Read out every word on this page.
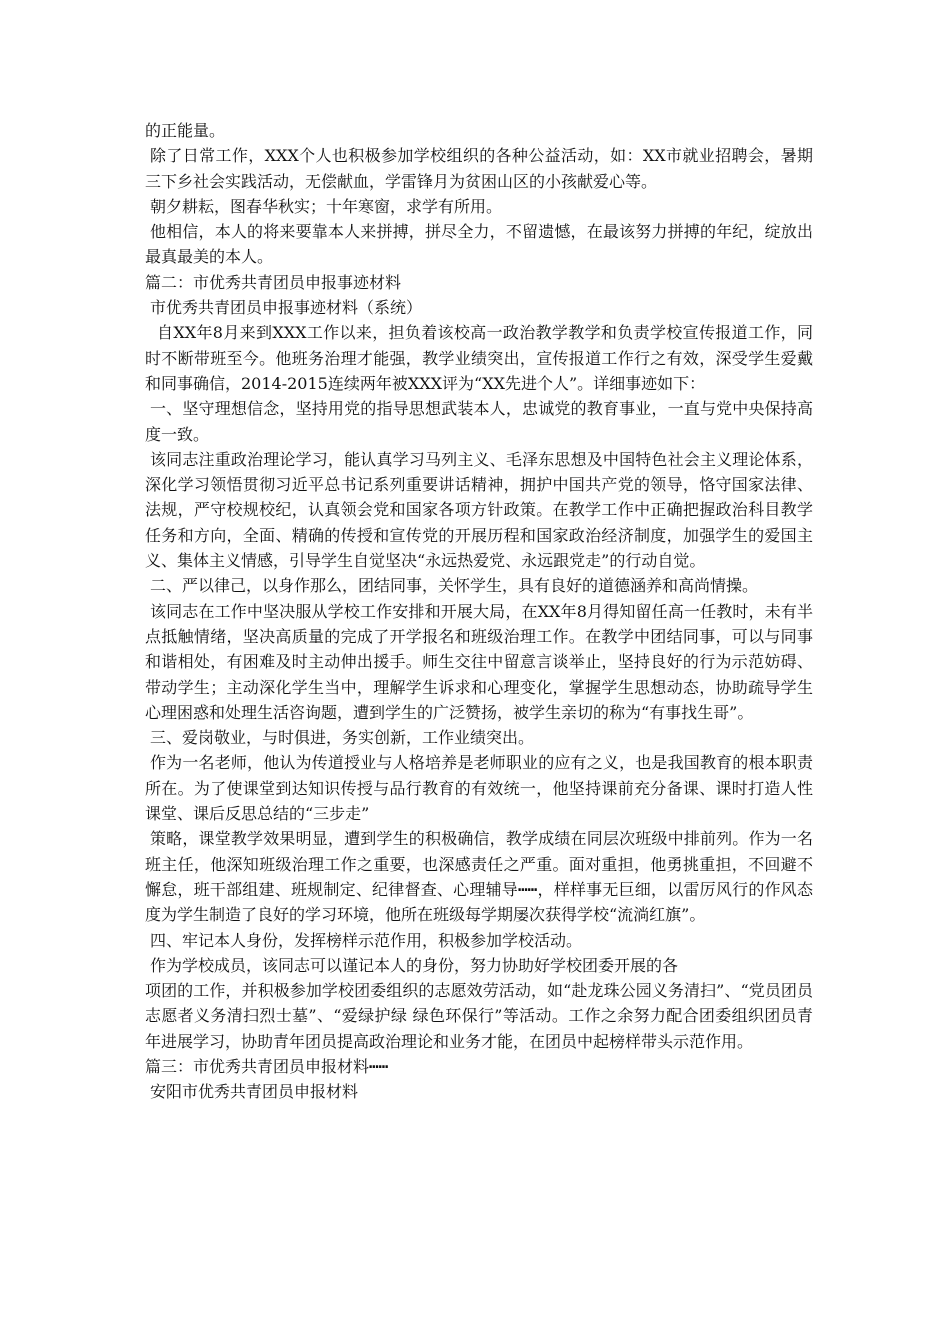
的正能量。

除了日常工作，XXX个人也积极参加学校组织的各种公益活动，如：XX市就业招聘会，暑期三下乡社会实践活动，无偿献血，学雷锋月为贫困山区的小孩献爱心等。

朝夕耕耘，图春华秋实；十年寒窗，求学有所用。

他相信，本人的将来要靠本人来拼搏，拼尽全力，不留遗憾，在最该努力拼搏的年纪，绽放出最真最美的本人。

篇二：市优秀共青团员申报事迹材料

市优秀共青团员申报事迹材料（系统）

自XX年8月来到XXX工作以来，担负着该校高一政治教学教学和负责学校宣传报道工作，同时不断带班至今。他班务治理才能强，教学业绩突出，宣传报道工作行之有效，深受学生爱戴和同事确信，2014-2015连续两年被XXX评为“XX先进个人”。详细事迹如下：

一、坚守理想信念，坚持用党的指导思想武装本人，忠诚党的教育事业，一直与党中央保持高度一致。

该同志注重政治理论学习，能认真学习马列主义、毛泽东思想及中国特色社会主义理论体系，深化学习领悟贯彻习近平总书记系列重要讲话精神，拥护中国共产党的领导，恪守国家法律、法规，严守校规校纪，认真领会党和国家各项方针政策。在教学工作中正确把握政治科目教学任务和方向，全面、精确的传授和宣传党的开展历程和国家政治经济制度，加强学生的爱国主义、集体主义情感，引导学生自觉坚决“永远热爱党、永远跟党走”的行动自觉。

二、严以律己，以身作那么，团结同事，关怀学生，具有良好的道德涵养和高尚情操。

该同志在工作中坚决服从学校工作安排和开展大局，在XX年8月得知留任高一任教时，未有半点抵触情绪，坚决高质量的完成了开学报名和班级治理工作。在教学中团结同事，可以与同事和谐相处，有困难及时主动伸出援手。师生交往中留意言谈举止，坚持良好的行为示范妨碍、带动学生；主动深化学生当中，理解学生诉求和心理变化，掌握学生思想动态，协助疏导学生心理困惑和处理生活咨询题，遭到学生的广泛赞扬，被学生亲切的称为“有事找生哥”。

三、爱岗敬业，与时俱进，务实创新，工作业绩突出。

作为一名老师，他认为传道授业与人格培养是老师职业的应有之义，也是我国教育的根本职责所在。为了使课堂到达知识传授与品行教育的有效统一，他坚持课前充分备课、课时打造人性课堂、课后反思总结的“三步走”

策略，课堂教学效果明显，遭到学生的积极确信，教学成绩在同层次班级中排前列。作为一名班主任，他深知班级治理工作之重要，也深感责任之严重。面对重担，他勇挑重担，不回避不懈怠，班干部组建、班规制定、纪律督查、心理辅导┅┅，样样事无巨细，以雷厉风行的作风态度为学生制造了良好的学习环境，他所在班级每学期屡次获得学校“流淌红旗”。

四、牢记本人身份，发挥榜样示范作用，积极参加学校活动。

作为学校成员，该同志可以谨记本人的身份，努力协助好学校团委开展的各

项团的工作，并积极参加学校团委组织的志愿效劳活动，如“赴龙珠公园义务清扫”、“党员团员志愿者义务清扫烈士墓”、“爱绿护绿 绿色环保行”等活动。工作之余努力配合团委组织团员青年进展学习，协助青年团员提高政治理论和业务才能，在团员中起榜样带头示范作用。

篇三：市优秀共青团员申报材料┅┅

安阳市优秀共青团员申报材料
